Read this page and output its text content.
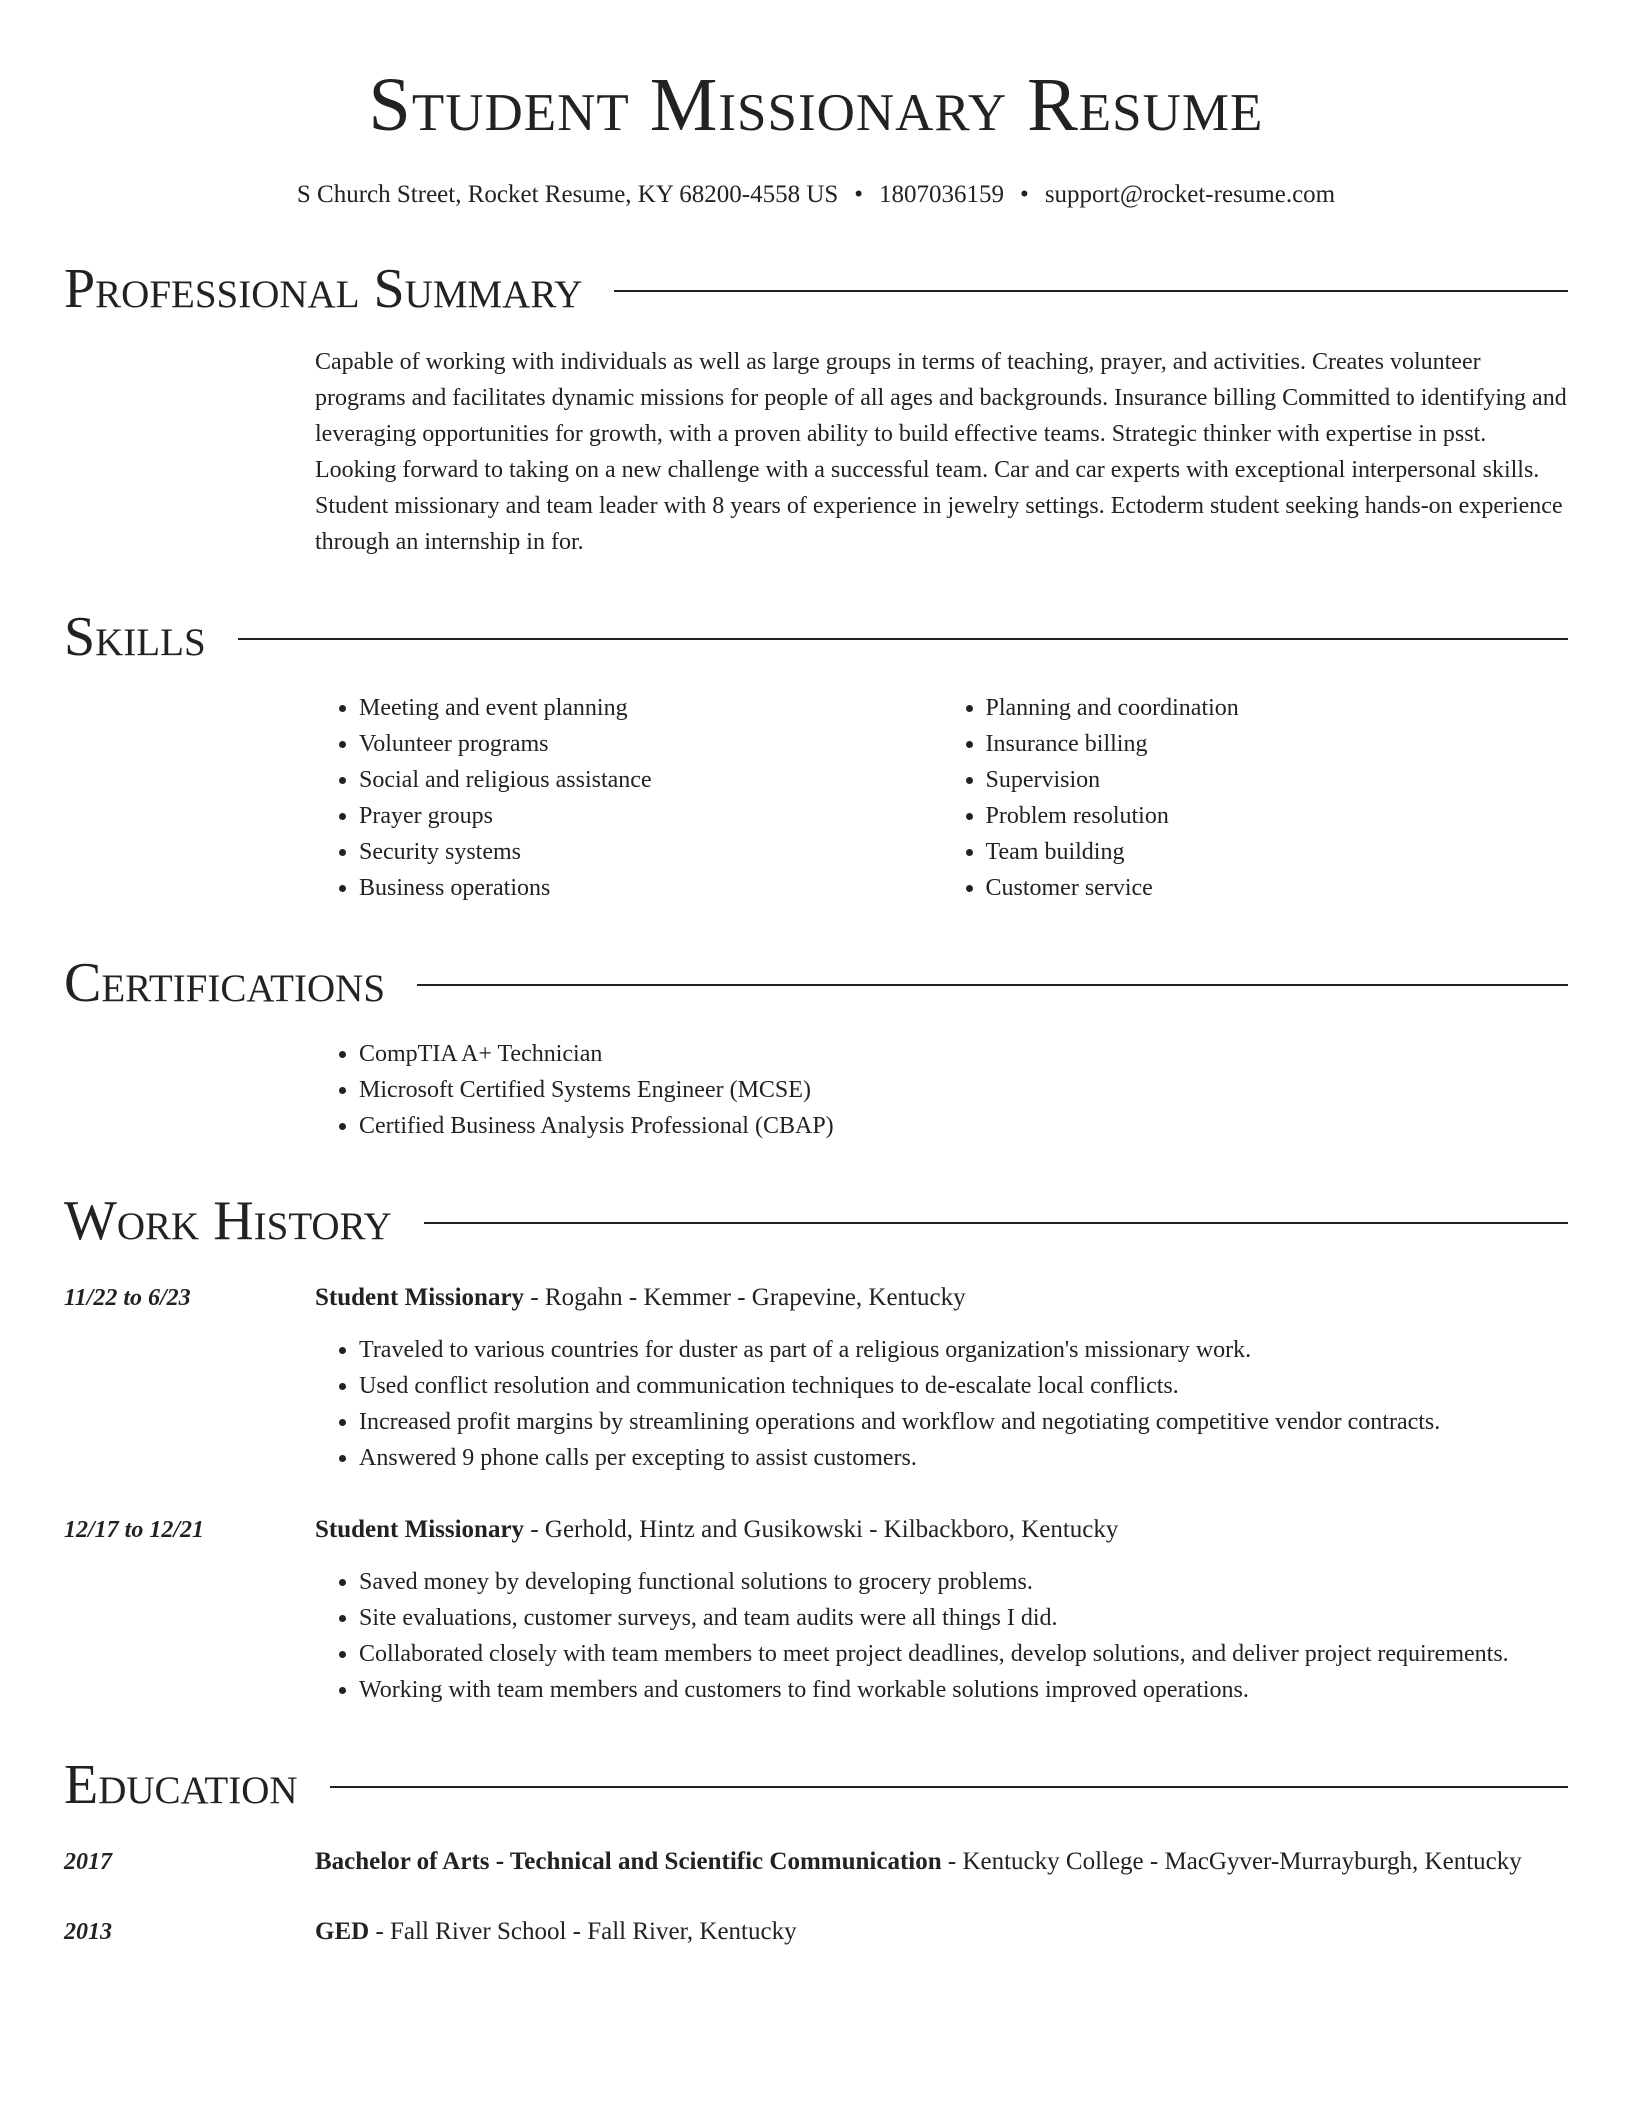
Student Missionary Resume
S Church Street, Rocket Resume, KY 68200-4558 US • 1807036159 • support@rocket-resume.com
Professional Summary

Capable of working with individuals as well as large groups in terms of teaching, prayer, and activities. Creates volunteer programs and facilitates dynamic missions for people of all ages and backgrounds. Insurance billing Committed to identifying and leveraging opportunities for growth, with a proven ability to build effective teams. Strategic thinker with expertise in psst. Looking forward to taking on a new challenge with a successful team. Car and car experts with exceptional interpersonal skills. Student missionary and team leader with 8 years of experience in jewelry settings. Ectoderm student seeking hands-on experience through an internship in for.

Skills
• Meeting and event planning
• Volunteer programs
• Social and religious assistance
• Prayer groups
• Security systems
• Business operations
• Planning and coordination
• Insurance billing
• Supervision
• Problem resolution
• Team building
• Customer service
Certifications
• CompTIA A+ Technician
• Microsoft Certified Systems Engineer (MCSE)
• Certified Business Analysis Professional (CBAP)
Work History
11/22 to 6/23	Student Missionary - Rogahn - Kemmer - Grapevine, Kentucky
• Traveled to various countries for duster as part of a religious organization's missionary work.
• Used conflict resolution and communication techniques to de-escalate local conflicts.
• Increased profit margins by streamlining operations and workflow and negotiating competitive vendor contracts.
• Answered 9 phone calls per excepting to assist customers.
12/17 to 12/21	Student Missionary - Gerhold, Hintz and Gusikowski - Kilbackboro, Kentucky
• Saved money by developing functional solutions to grocery problems.
• Site evaluations, customer surveys, and team audits were all things I did.
• Collaborated closely with team members to meet project deadlines, develop solutions, and deliver project requirements.
• Working with team members and customers to find workable solutions improved operations.
Education
2017	Bachelor of Arts - Technical and Scientific Communication - Kentucky College - MacGyver-Murrayburgh, Kentucky
2013	GED - Fall River School - Fall River, Kentucky
